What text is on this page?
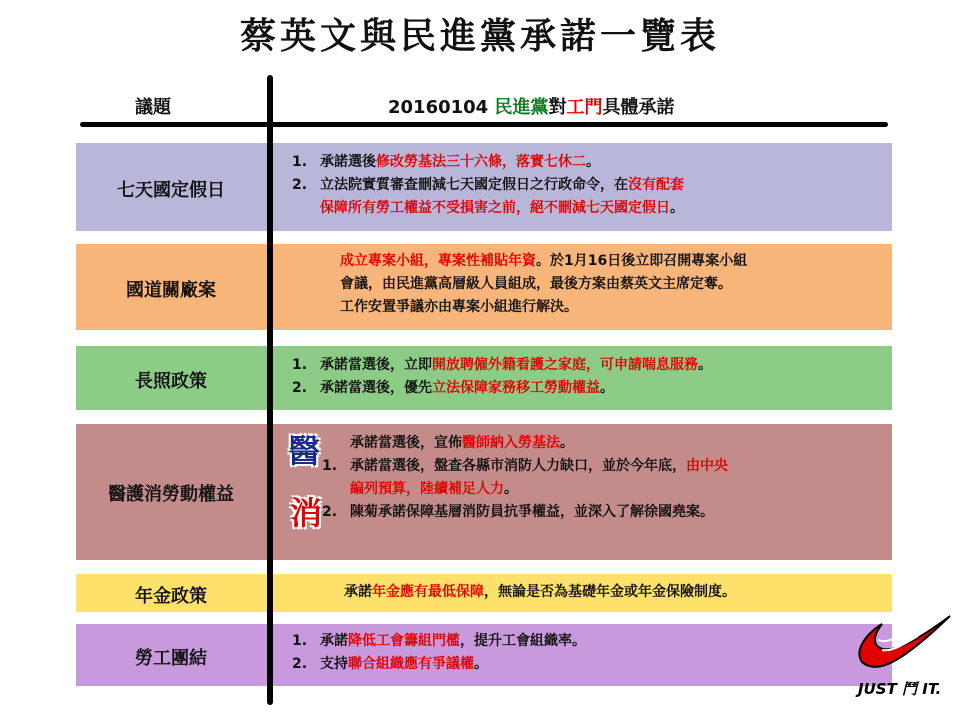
蔡英文與民進黨承諾一覽表
議題	20160104 民進黨對工門具體承諾
七天國定假日
1. 承諾選後修改勞基法三十六條，落實七休二。
2. 立法院實質審查刪減七天國定假日之行政命令，在沒有配套
保障所有勞工權益不受損害之前，絕不刪減七天國定假日。
國道關廠案
成立專案小組，專案性補貼年資。於1月16日後立即召開專案小組
會議，由民進黨高層級人員組成，最後方案由蔡英文主席定奪。
工作安置爭議亦由專案小組進行解決。
長照政策
1. 承諾當選後，立即開放聘僱外籍看護之家庭，可申請喘息服務。
2. 承諾當選後，優先立法保障家務移工勞動權益。
醫護消勞動權益
醫
消
承諾當選後，宣佈醫師納入勞基法。
1. 承諾當選後，盤查各縣市消防人力缺口，並於今年底，由中央
編列預算，陸續補足人力。
2. 陳菊承諾保障基層消防員抗爭權益，並深入了解徐國堯案。
年金政策	承諾年金應有最低保障，無論是否為基礎年金或年金保險制度。
勞工團結
1. 承諾降低工會籌組門檻，提升工會組織率。
2. 支持聯合組織應有爭議權。
JUST 鬥 IT.
